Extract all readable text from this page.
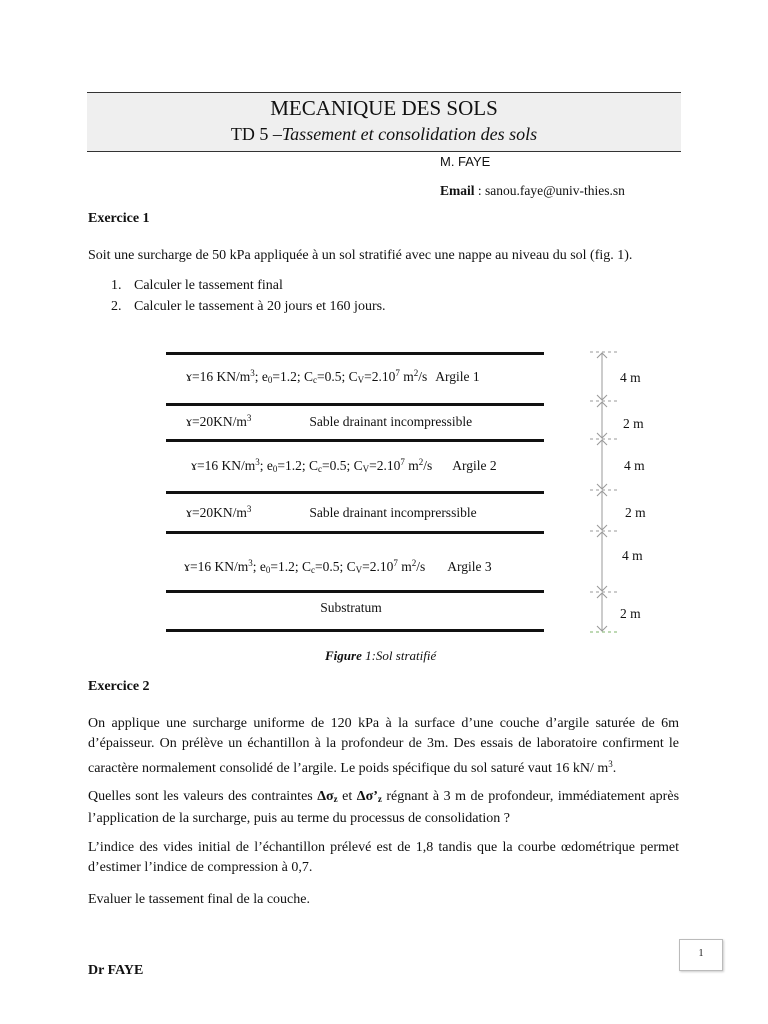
MECANIQUE DES SOLS
TD 5 –Tassement et consolidation des sols
M. FAYE
Email : sanou.faye@univ-thies.sn
Exercice 1
Soit une surcharge de 50 kPa appliquée à un sol stratifié avec une nappe au niveau du sol (fig. 1).
1. Calculer le tassement final
2. Calculer le tassement à 20 jours et 160 jours.
ɤ=16 $KN/m^3$; $e_0=1.2$; $C_c=0.5$; $C_V=2.10^7$ $m^2/s$ Argile 1
$ɤ=20KN/m^3$	Sable drainant incompressible
ɤ=16 $KN/m^3$; $e_0=1.2$; $C_c=0.5$; $C_V=2.10^7$ $m^2/s$ Argile 2
$ɤ=20KN/m^3$	Sable drainant incomprerssible
ɤ=16 $KN/m^3$; $e_0=1.2$; $C_c=0.5$; $C_V=2.10^7$ $m^2/s$ Argile 3
Substratum
4 m
2 m
4 m
2 m
4 m
2 m
Figure 1:Sol stratifié
Exercice 2
On applique une surcharge uniforme de 120 kPa à la surface d’une couche d’argile saturée de 6m d’épaisseur. On prélève un échantillon à la profondeur de 3m. Des essais de laboratoire confirment le caractère normalement consolidé de l’argile. Le poids spécifique du sol saturé vaut 16 kN/ $m^3$.
Quelles sont les valeurs des contraintes $\Delta\sigma_z$ et $\Delta\sigma’_z$ régnant à 3 m de profondeur, immédiatement après l’application de la surcharge, puis au terme du processus de consolidation ?
L’indice des vides initial de l’échantillon prélevé est de 1,8 tandis que la courbe œdométrique permet d’estimer l’indice de compression à 0,7.
Evaluer le tassement final de la couche.
1
Dr FAYE
